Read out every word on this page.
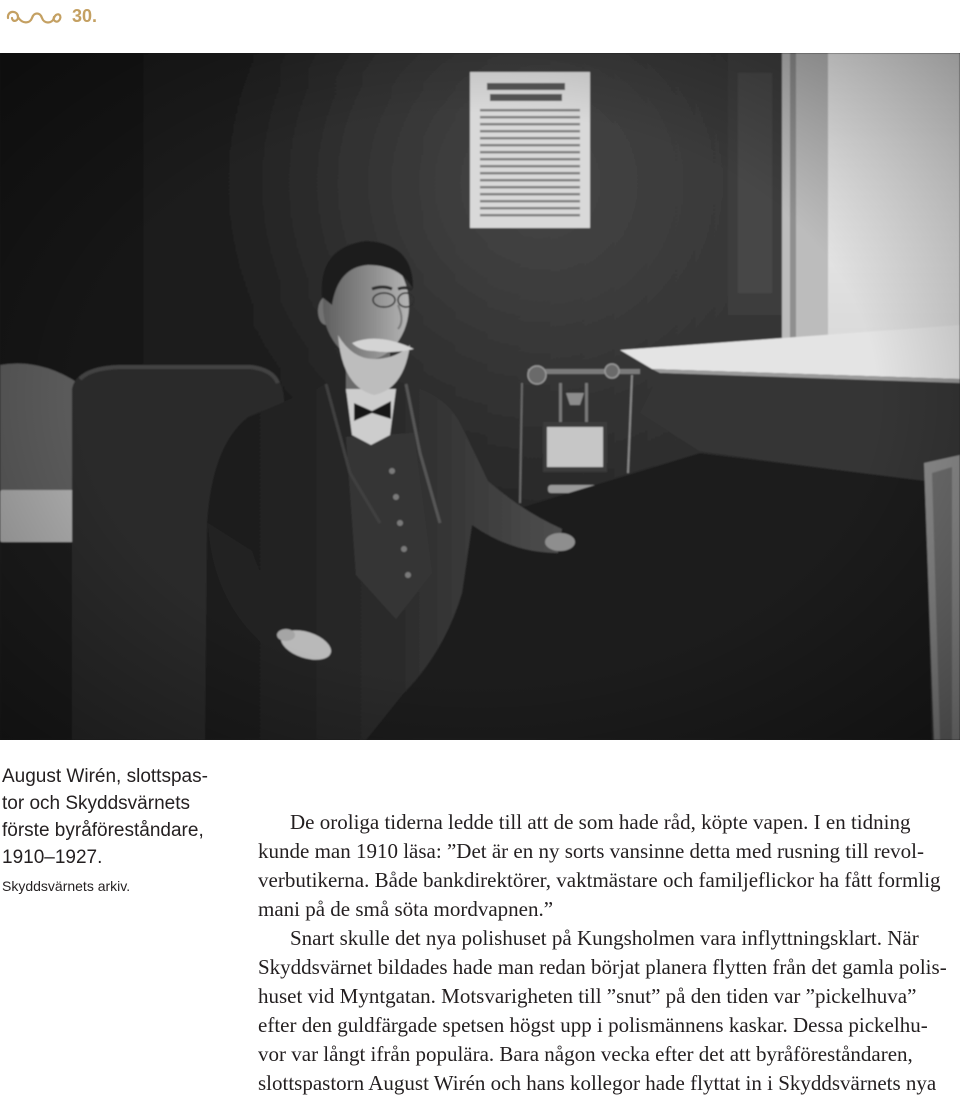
30.
August Wirén, slottspas-
tor och Skyddsvärnets
förste byråföreståndare,
1910–1927.
Skyddsvärnets arkiv.
De oroliga tiderna ledde till att de som hade råd, köpte vapen. I en tidning
kunde man 1910 läsa: ”Det är en ny sorts vansinne detta med rusning till revol-
verbutikerna. Både bankdirektörer, vaktmästare och familjeflickor ha fått formlig
mani på de små söta mordvapnen.”
Snart skulle det nya polishuset på Kungsholmen vara inflyttningsklart. När
Skyddsvärnet bildades hade man redan börjat planera flytten från det gamla polis-
huset vid Myntgatan. Motsvarigheten till ”snut” på den tiden var ”pickelhuva”
efter den guldfärgade spetsen högst upp i polismännens kaskar. Dessa pickelhu-
vor var långt ifrån populära. Bara någon vecka efter det att byråföreståndaren,
slottspastorn August Wirén och hans kollegor hade flyttat in i Skyddsvärnets nya
